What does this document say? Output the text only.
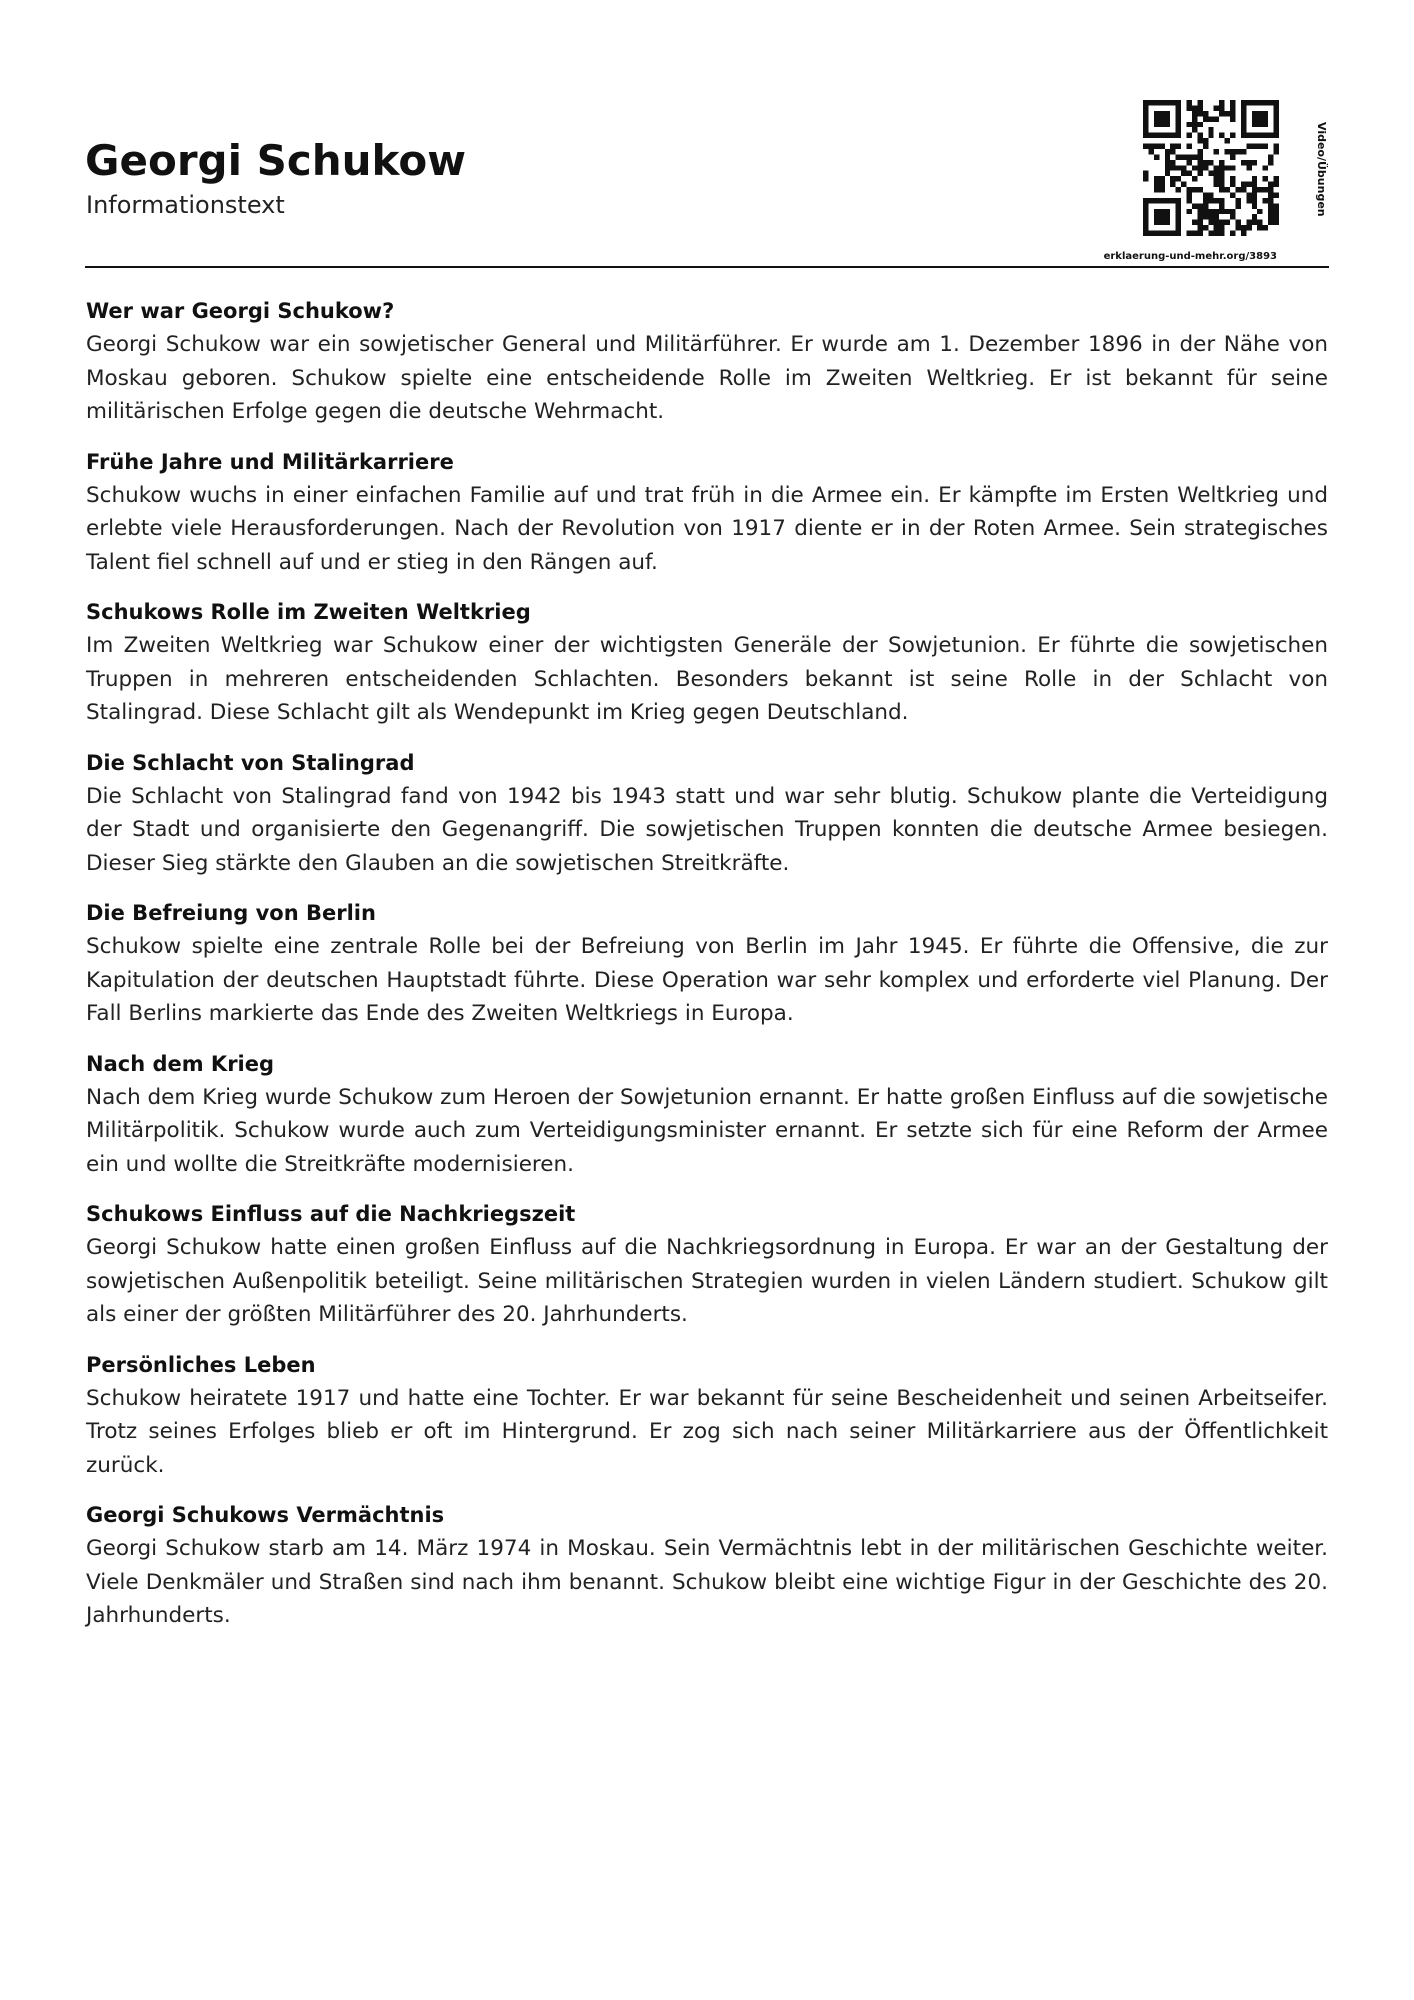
Georgi Schukow
Informationstext	Video/Übungen
erklaerung-und-mehr.org/3893
Wer war Georgi Schukow?

Georgi Schukow war ein sowjetischer General und Militärführer. Er wurde am 1. Dezember 1896 in der Nähe von Moskau geboren. Schukow spielte eine entscheidende Rolle im Zweiten Weltkrieg. Er ist bekannt für seine militärischen Erfolge gegen die deutsche Wehrmacht.

Frühe Jahre und Militärkarriere

Schukow wuchs in einer einfachen Familie auf und trat früh in die Armee ein. Er kämpfte im Ersten Weltkrieg und erlebte viele Herausforderungen. Nach der Revolution von 1917 diente er in der Roten Armee. Sein strategisches Talent fiel schnell auf und er stieg in den Rängen auf.

Schukows Rolle im Zweiten Weltkrieg

Im Zweiten Weltkrieg war Schukow einer der wichtigsten Generäle der Sowjetunion. Er führte die sowjetischen Truppen in mehreren entscheidenden Schlachten. Besonders bekannt ist seine Rolle in der Schlacht von Stalingrad. Diese Schlacht gilt als Wendepunkt im Krieg gegen Deutschland.

Die Schlacht von Stalingrad

Die Schlacht von Stalingrad fand von 1942 bis 1943 statt und war sehr blutig. Schukow plante die Verteidigung der Stadt und organisierte den Gegenangriff. Die sowjetischen Truppen konnten die deutsche Armee besiegen. Dieser Sieg stärkte den Glauben an die sowjetischen Streitkräfte.

Die Befreiung von Berlin

Schukow spielte eine zentrale Rolle bei der Befreiung von Berlin im Jahr 1945. Er führte die Offensive, die zur Kapitulation der deutschen Hauptstadt führte. Diese Operation war sehr komplex und erforderte viel Planung. Der Fall Berlins markierte das Ende des Zweiten Weltkriegs in Europa.

Nach dem Krieg

Nach dem Krieg wurde Schukow zum Heroen der Sowjetunion ernannt. Er hatte großen Einfluss auf die sowjetische Militärpolitik. Schukow wurde auch zum Verteidigungsminister ernannt. Er setzte sich für eine Reform der Armee ein und wollte die Streitkräfte modernisieren.

Schukows Einfluss auf die Nachkriegszeit

Georgi Schukow hatte einen großen Einfluss auf die Nachkriegsordnung in Europa. Er war an der Gestaltung der sowjetischen Außenpolitik beteiligt. Seine militärischen Strategien wurden in vielen Ländern studiert. Schukow gilt als einer der größten Militärführer des 20. Jahrhunderts.

Persönliches Leben

Schukow heiratete 1917 und hatte eine Tochter. Er war bekannt für seine Bescheidenheit und seinen Arbeitseifer. Trotz seines Erfolges blieb er oft im Hintergrund. Er zog sich nach seiner Militärkarriere aus der Öffentlichkeit zurück.

Georgi Schukows Vermächtnis

Georgi Schukow starb am 14. März 1974 in Moskau. Sein Vermächtnis lebt in der militärischen Geschichte weiter. Viele Denkmäler und Straßen sind nach ihm benannt. Schukow bleibt eine wichtige Figur in der Geschichte des 20. Jahrhunderts.
